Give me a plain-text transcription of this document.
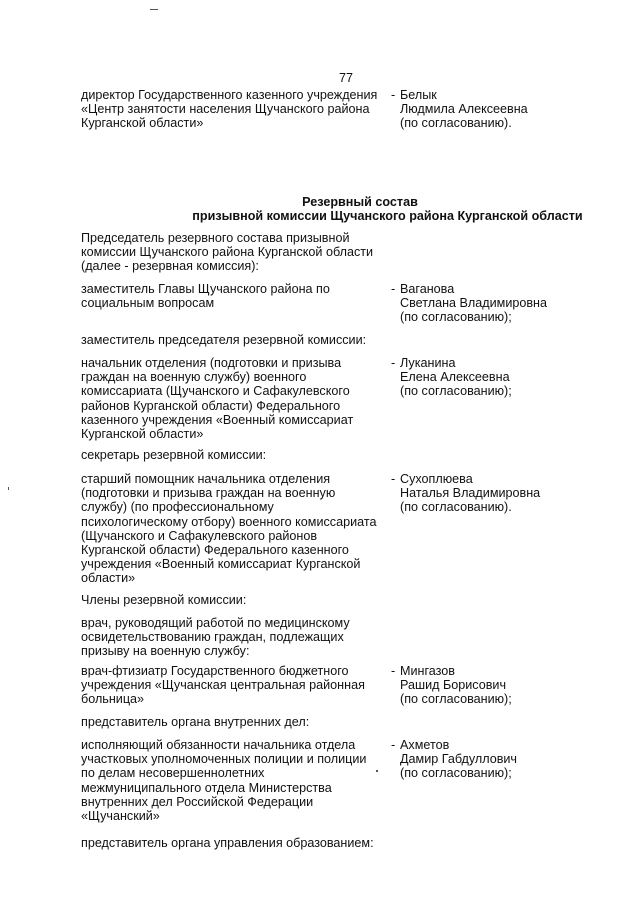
77
директор Государственного казенного учреждения
«Центр занятости населения Щучанского района
Курганской области»
- Белык
Людмила Алексеевна
(по согласованию).
Резервный состав
призывной комиссии Щучанского района Курганской области
Председатель резервного состава призывной
комиссии Щучанского района Курганской области
(далее - резервная комиссия):
заместитель Главы Щучанского района по
социальным вопросам
- Ваганова
Светлана Владимировна
(по согласованию);
заместитель председателя резервной комиссии:
начальник отделения (подготовки и призыва
граждан на военную службу) военного
комиссариата (Щучанского и Сафакулевского
районов Курганской области) Федерального
казенного учреждения «Военный комиссариат
Курганской области»
- Луканина
Елена Алексеевна
(по согласованию);
секретарь резервной комиссии:
старший помощник начальника отделения
(подготовки и призыва граждан на военную
службу) (по профессиональному
психологическому отбору) военного комиссариата
(Щучанского и Сафакулевского районов
Курганской области) Федерального казенного
учреждения «Военный комиссариат Курганской
области»
- Сухоплюева
Наталья Владимировна
(по согласованию).
Члены резервной комиссии:
врач, руководящий работой по медицинскому
освидетельствованию граждан, подлежащих
призыву на военную службу:
врач-фтизиатр Государственного бюджетного
учреждения «Щучанская центральная районная
больница»
- Мингазов
Рашид Борисович
(по согласованию);
представитель органа внутренних дел:
исполняющий обязанности начальника отдела
участковых уполномоченных полиции и полиции
по делам несовершеннолетних
межмуниципального отдела Министерства
внутренних дел Российской Федерации
«Щучанский»
- Ахметов
Дамир Габдуллович
(по согласованию);
представитель органа управления образованием:
